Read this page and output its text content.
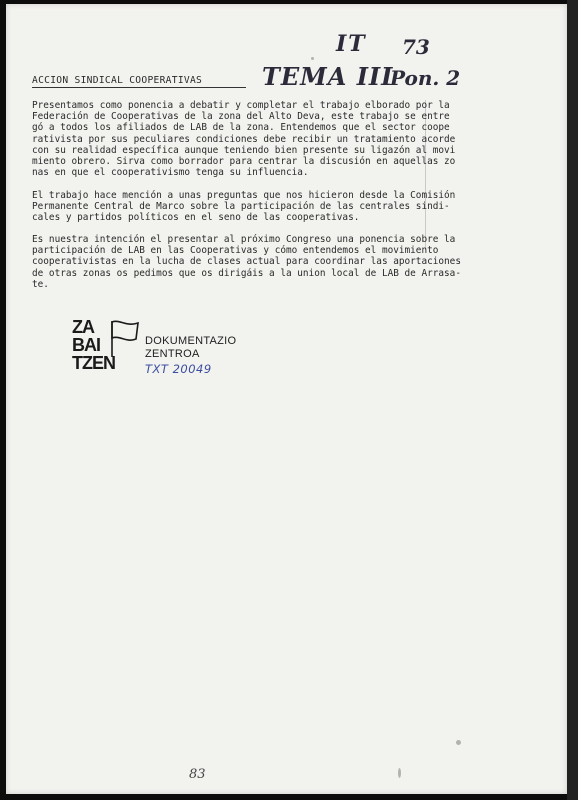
IT 73
TEMA III
Pon. 2
ACCION SINDICAL COOPERATIVAS
Presentamos como ponencia a debatir y completar el trabajo elborado por la
Federación de Cooperativas de la zona del Alto Deva, este trabajo se entre
gó a todos los afiliados de LAB de la zona. Entendemos que el sector coope
rativista por sus peculiares condiciones debe recibir un tratamiento acorde
con su realidad específica aunque teniendo bien presente su ligazón al movi
miento obrero. Sirva como borrador para centrar la discusión en aquellas zo
nas en que el cooperativismo tenga su influencia.
El trabajo hace mención a unas preguntas que nos hicieron desde la Comisión
Permanente Central de Marco sobre la participación de las centrales sindi-
cales y partidos políticos en el seno de las cooperativas.
Es nuestra intención el presentar al próximo Congreso una ponencia sobre la
participación de LAB en las Cooperativas y cómo entendemos el movimiento
cooperativistas en la lucha de clases actual para coordinar las aportaciones
de otras zonas os pedimos que os dirigáis a la union local de LAB de Arrasa-
te.
ZA
BAI
TZEN
DOKUMENTAZIO
ZENTROA
TXT 20049
83
